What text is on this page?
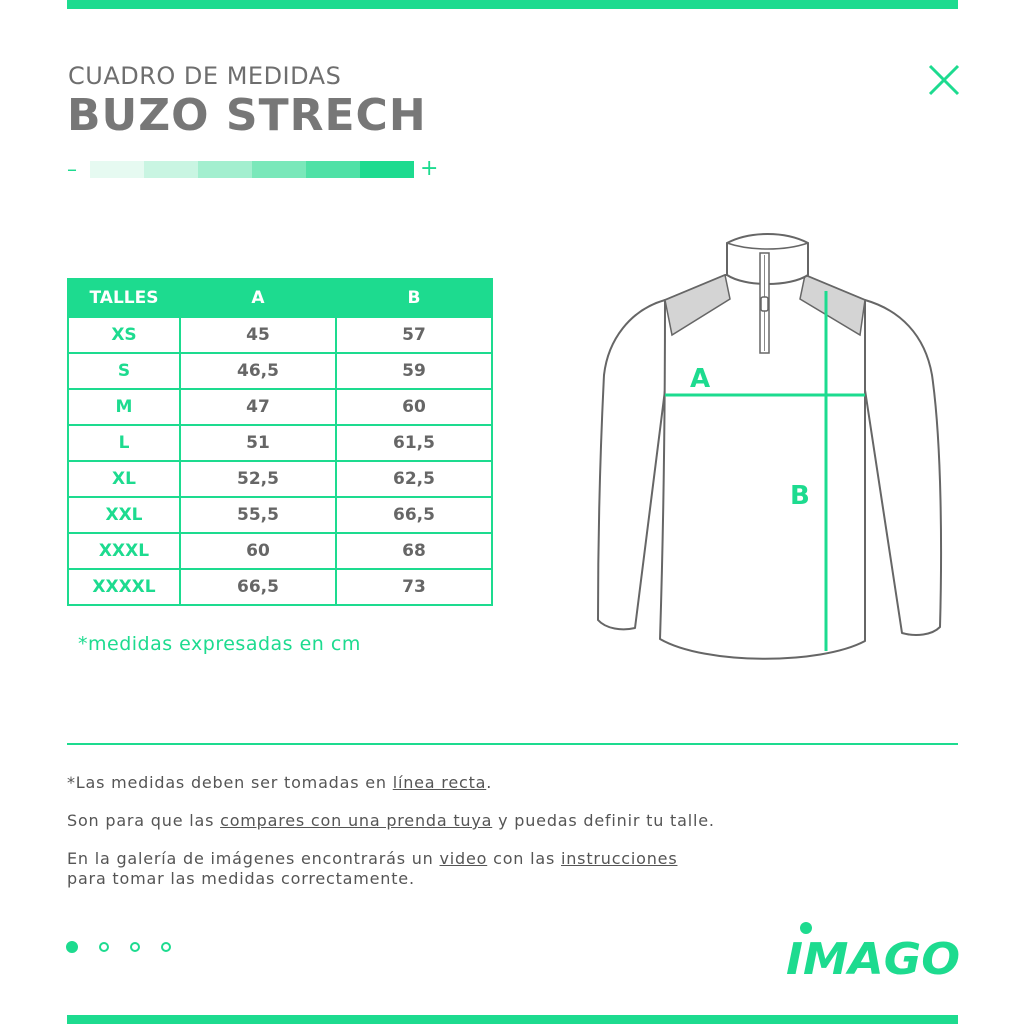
CUADRO DE MEDIDAS
BUZO STRECH
–	+
TALLES	A	B
XS	45	57
S	46,5	59
M	47	60
L	51	61,5
XL	52,5	62,5
XXL	55,5	66,5
XXXL	60	68
XXXXL	66,5	73
*medidas expresadas en cm
A
B
*Las medidas deben ser tomadas en línea recta.
Son para que las compares con una prenda tuya y puedas definir tu talle.
En la galería de imágenes encontrarás un video con las instrucciones
para tomar las medidas correctamente.
IMAGO
